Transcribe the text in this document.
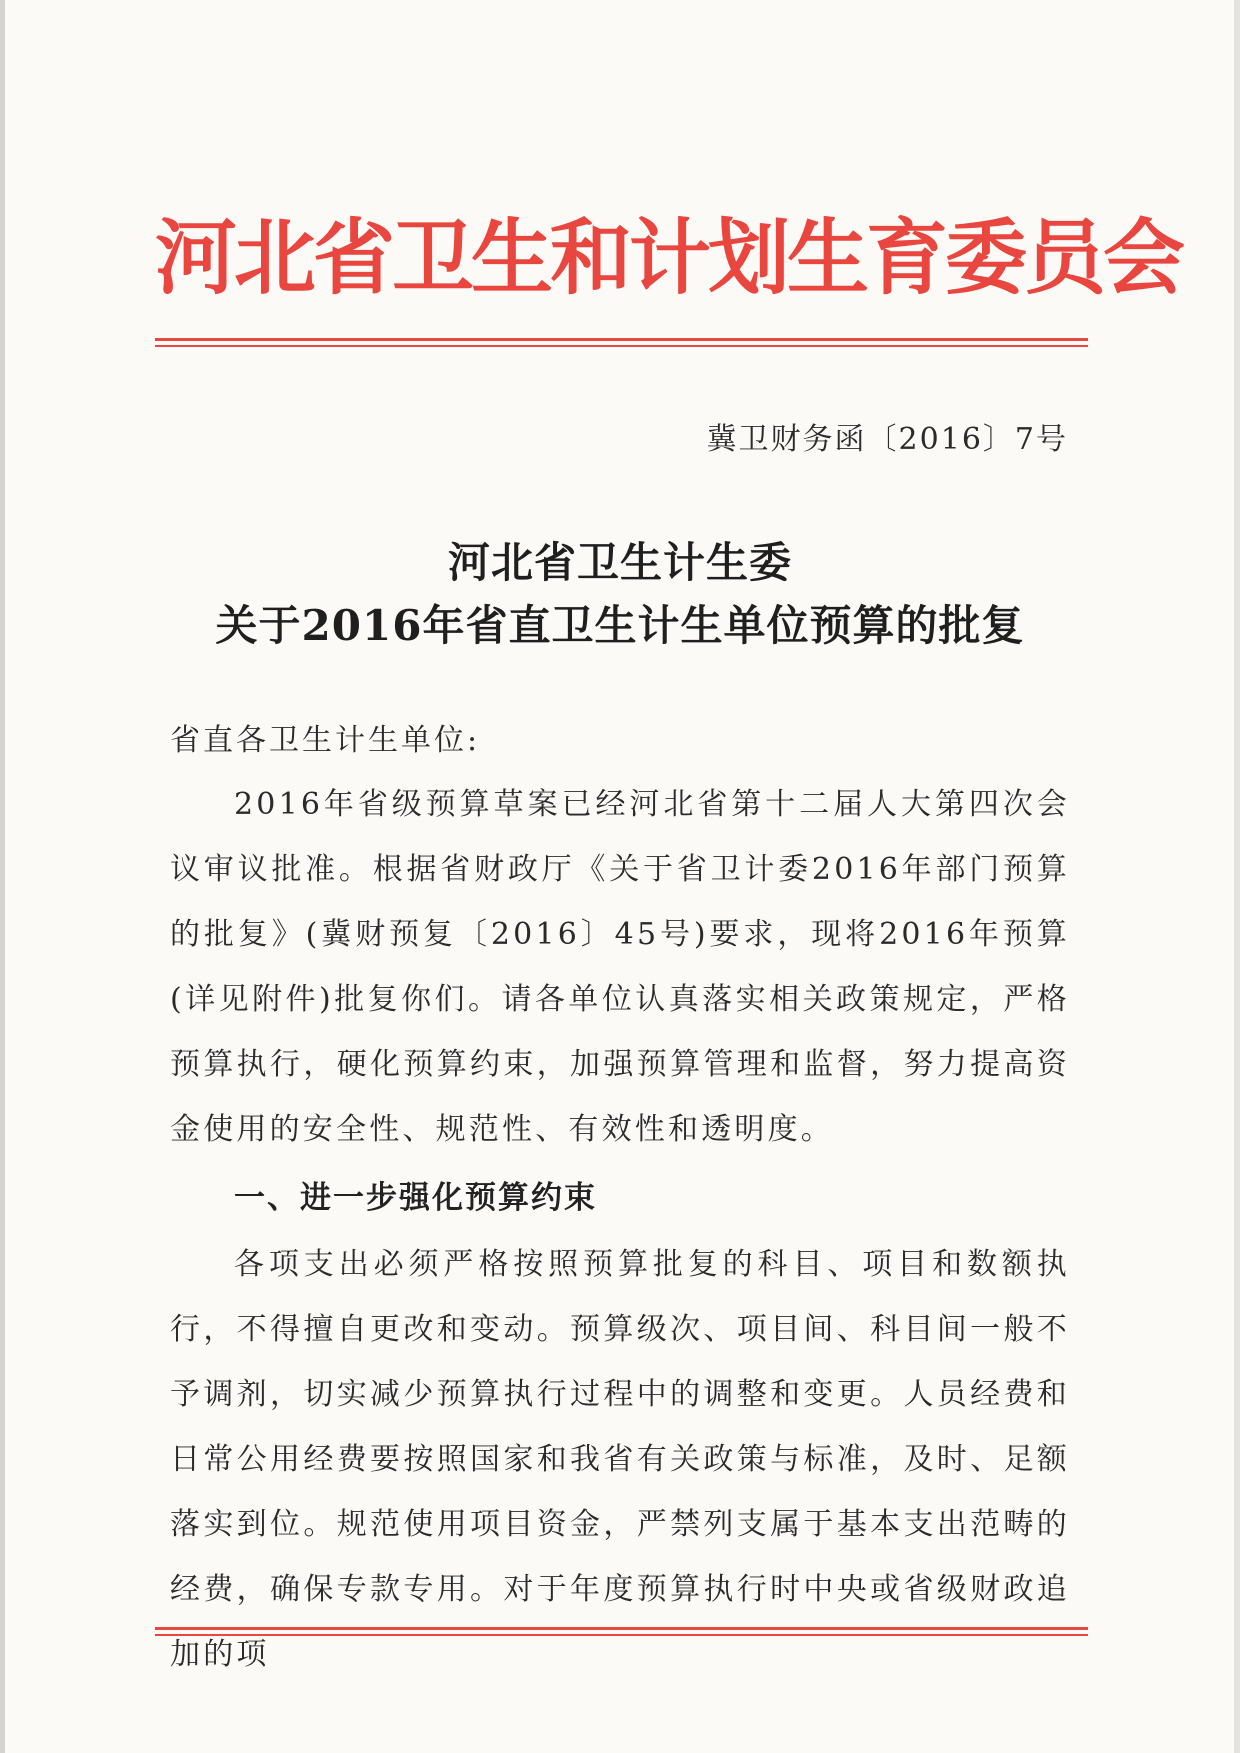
河北省卫生和计划生育委员会
冀卫财务函〔2016〕7号
河北省卫生计生委
关于2016年省直卫生计生单位预算的批复
省直各卫生计生单位:

2016年省级预算草案已经河北省第十二届人大第四次会议审议批准。根据省财政厅《关于省卫计委2016年部门预算的批复》(冀财预复〔2016〕45号)要求，现将2016年预算(详见附件)批复你们。请各单位认真落实相关政策规定，严格预算执行，硬化预算约束，加强预算管理和监督，努力提高资金使用的安全性、规范性、有效性和透明度。

一、进一步强化预算约束

各项支出必须严格按照预算批复的科目、项目和数额执行，不得擅自更改和变动。预算级次、项目间、科目间一般不予调剂，切实减少预算执行过程中的调整和变更。人员经费和日常公用经费要按照国家和我省有关政策与标准，及时、足额落实到位。规范使用项目资金，严禁列支属于基本支出范畴的经费，确保专款专用。对于年度预算执行时中央或省级财政追加的项
